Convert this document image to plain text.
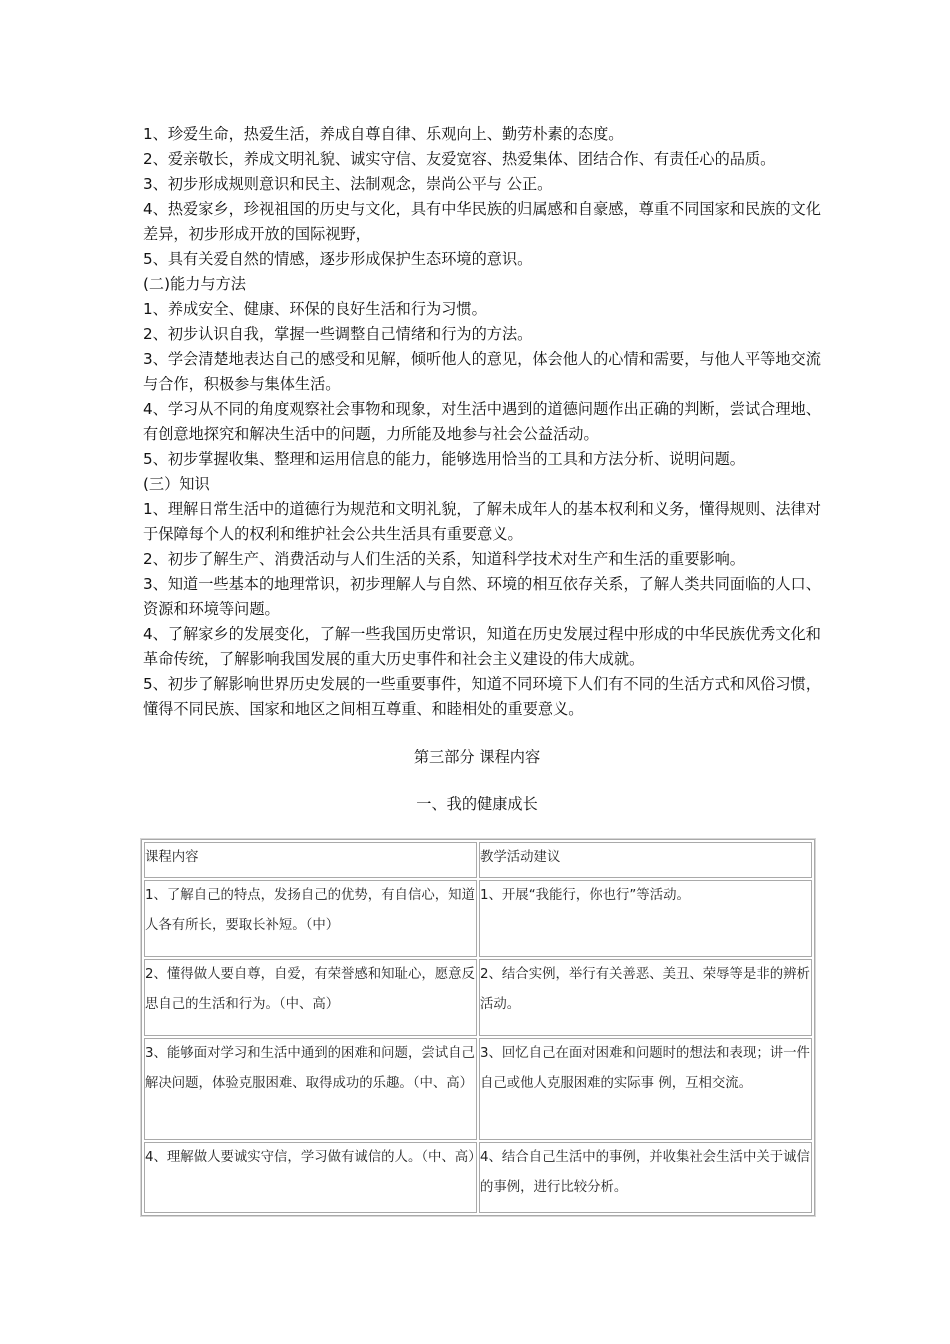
1、珍爱生命，热爱生活，养成自尊自律、乐观向上、勤劳朴素的态度。

2、爱亲敬长，养成文明礼貌、诚实守信、友爱宽容、热爱集体、团结合作、有责任心的品质。

3、初步形成规则意识和民主、法制观念，崇尚公平与 公正。

4、热爱家乡，珍视祖国的历史与文化，具有中华民族的归属感和自豪感，尊重不同国家和民族的文化差异，初步形成开放的国际视野，

5、具有关爱自然的情感，逐步形成保护生态环境的意识。

(二)能力与方法

1、养成安全、健康、环保的良好生活和行为习惯。

2、初步认识自我，掌握一些调整自己情绪和行为的方法。

3、学会清楚地表达自己的感受和见解，倾听他人的意见，体会他人的心情和需要，与他人平等地交流与合作，积极参与集体生活。

4、学习从不同的角度观察社会事物和现象，对生活中遇到的道德问题作出正确的判断，尝试合理地、有创意地探究和解决生活中的问题，力所能及地参与社会公益活动。

5、初步掌握收集、整理和运用信息的能力，能够选用恰当的工具和方法分析、说明问题。

(三）知识

1、理解日常生活中的道德行为规范和文明礼貌，了解未成年人的基本权利和义务，懂得规则、法律对于保障每个人的权利和维护社会公共生活具有重要意义。

2、初步了解生产、消费活动与人们生活的关系，知道科学技术对生产和生活的重要影响。

3、知道一些基本的地理常识，初步理解人与自然、环境的相互依存关系，了解人类共同面临的人口、资源和环境等问题。

4、了解家乡的发展变化，了解一些我国历史常识，知道在历史发展过程中形成的中华民族优秀文化和革命传统，了解影响我国发展的重大历史事件和社会主义建设的伟大成就。

5、初步了解影响世界历史发展的一些重要事件，知道不同环境下人们有不同的生活方式和风俗习惯，懂得不同民族、国家和地区之间相互尊重、和睦相处的重要意义。

第三部分 课程内容
一、我的健康成长
课程内容	教学活动建议
1、了解自己的特点，发扬自己的优势，有自信心，知道人各有所长，要取长补短。（中）	1、开展“我能行，你也行”等活动。
2、懂得做人要自尊，自爱，有荣誉感和知耻心，愿意反思自己的生活和行为。（中、高）	2、结合实例，举行有关善恶、美丑、荣辱等是非的辨析活动。
3、能够面对学习和生活中通到的困难和问题，尝试自己解决问题，体验克服困难、取得成功的乐趣。（中、高）	3、回忆自己在面对困难和问题时的想法和表现；讲一件自己或他人克服困难的实际事 例，互相交流。
4、理解做人要诚实守信，学习做有诚信的人。（中、高）	4、结合自己生活中的事例，并收集社会生活中关于诚信的事例，进行比较分析。
